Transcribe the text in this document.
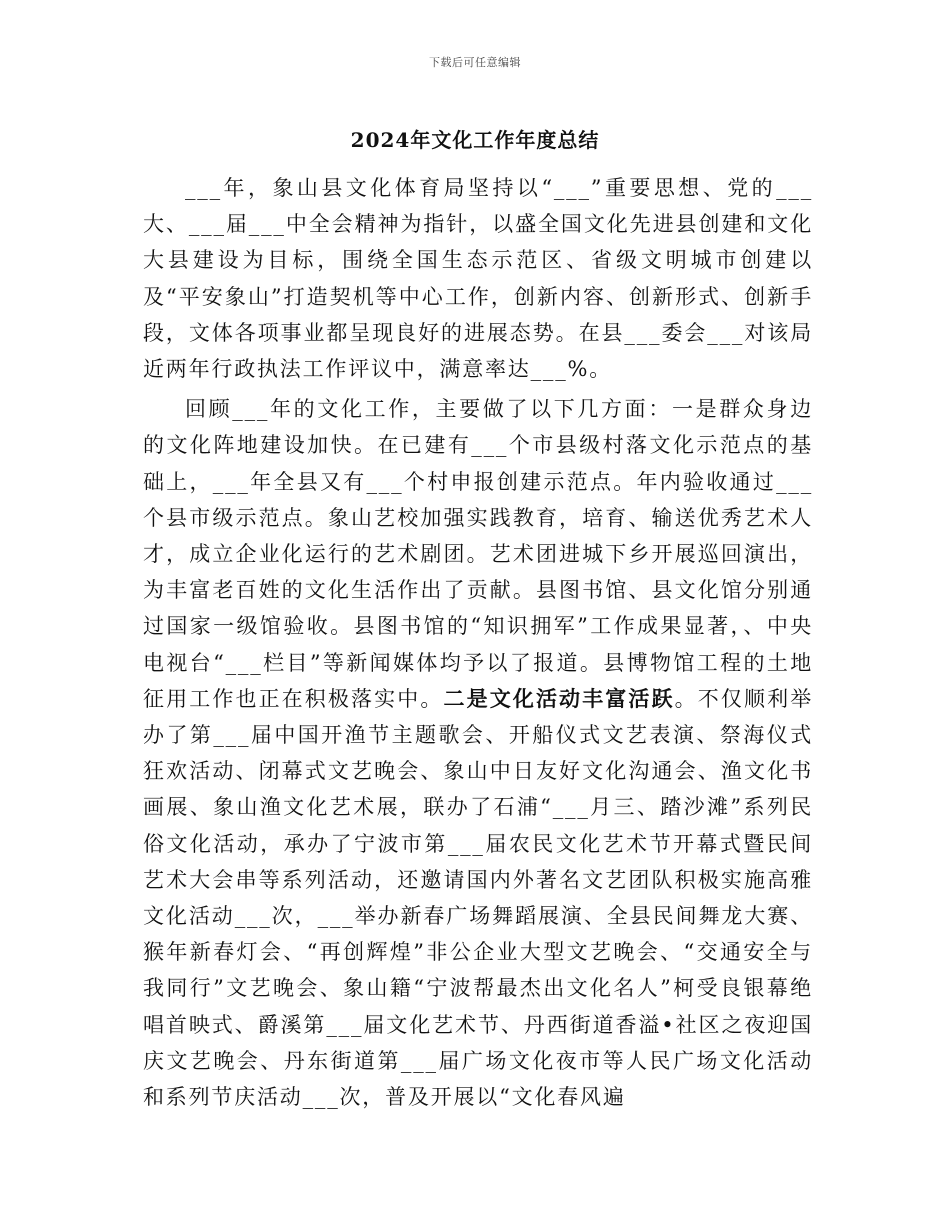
下载后可任意编辑
2024年文化工作年度总结

___年，象山县文化体育局坚持以“___”重要思想、党的___大、___届___中全会精神为指针，以盛全国文化先进县创建和文化大县建设为目标，围绕全国生态示范区、省级文明城市创建以及“平安象山”打造契机等中心工作，创新内容、创新形式、创新手段，文体各项事业都呈现良好的进展态势。在县___委会___对该局近两年行政执法工作评议中，满意率达___%。

回顾___年的文化工作，主要做了以下几方面：一是群众身边的文化阵地建设加快。在已建有___个市县级村落文化示范点的基础上，___年全县又有___个村申报创建示范点。年内验收通过___个县市级示范点。象山艺校加强实践教育，培育、输送优秀艺术人才，成立企业化运行的艺术剧团。艺术团进城下乡开展巡回演出，为丰富老百姓的文化生活作出了贡献。县图书馆、县文化馆分别通过国家一级馆验收。县图书馆的“知识拥军”工作成果显著，、中央电视台“___栏目”等新闻媒体均予以了报道。县博物馆工程的土地征用工作也正在积极落实中。二是文化活动丰富活跃。不仅顺利举办了第___届中国开渔节主题歌会、开船仪式文艺表演、祭海仪式狂欢活动、闭幕式文艺晚会、象山中日友好文化沟通会、渔文化书画展、象山渔文化艺术展，联办了石浦“___月三、踏沙滩”系列民俗文化活动，承办了宁波市第___届农民文化艺术节开幕式暨民间艺术大会串等系列活动，还邀请国内外著名文艺团队积极实施高雅文化活动___次，___举办新春广场舞蹈展演、全县民间舞龙大赛、猴年新春灯会、“再创辉煌”非公企业大型文艺晚会、“交通安全与我同行”文艺晚会、象山籍“宁波帮最杰出文化名人”柯受良银幕绝唱首映式、爵溪第___届文化艺术节、丹西街道香溢•社区之夜迎国庆文艺晚会、丹东街道第___届广场文化夜市等人民广场文化活动和系列节庆活动___次，普及开展以“文化春风遍
